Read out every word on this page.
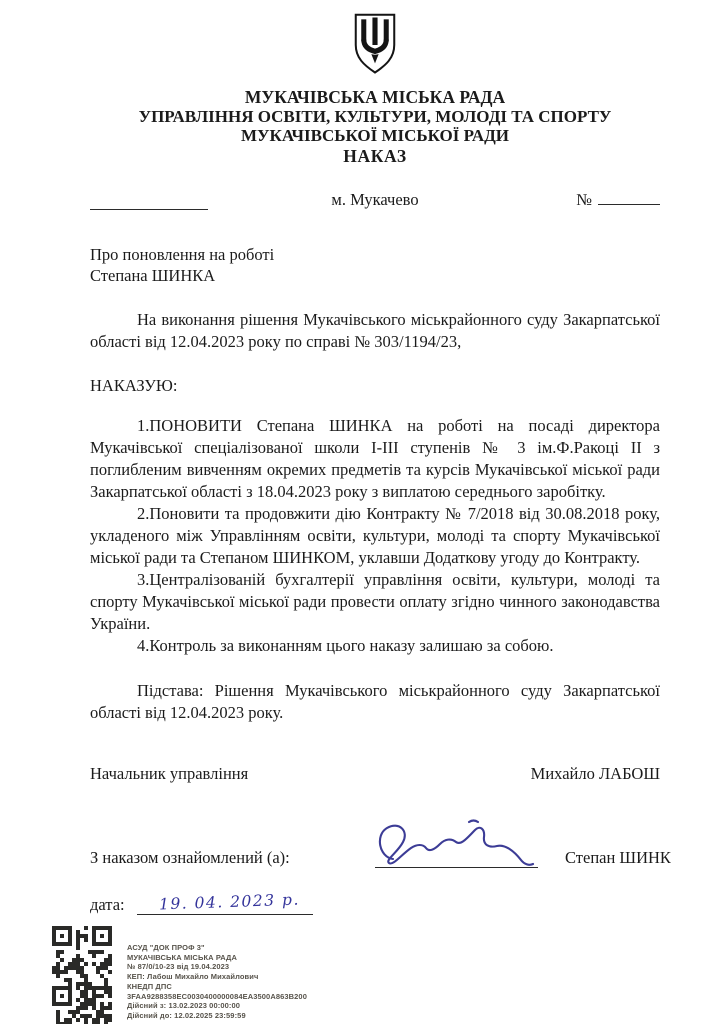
МУКАЧІВСЬКА МІСЬКА РАДА
УПРАВЛІННЯ ОСВІТИ, КУЛЬТУРИ, МОЛОДІ ТА СПОРТУ
МУКАЧІВСЬКОЇ МІСЬКОЇ РАДИ
НАКАЗ
м. Мукачево	№
Про поновлення на роботі
Степана ШИНКА

На виконання рішення Мукачівського міськрайонного суду Закарпатської області від 12.04.2023 року по справі № 303/1194/23,

НАКАЗУЮ:

1.ПОНОВИТИ Степана ШИНКА на роботі на посаді директора Мукачівської спеціалізованої школи І-ІІІ ступенів № 3 ім.Ф.Ракоці ІІ з поглибленим вивченням окремих предметів та курсів Мукачівської міської ради Закарпатської області з 18.04.2023 року з виплатою середнього заробітку.

2.Поновити та продовжити дію Контракту № 7/2018 від 30.08.2018 року, укладеного між Управлінням освіти, культури, молоді та спорту Мукачівської міської ради та Степаном ШИНКОМ, уклавши Додаткову угоду до Контракту.

3.Централізованій бухгалтерії управління освіти, культури, молоді та спорту Мукачівської міської ради провести оплату згідно чинного законодавства України.

4.Контроль за виконанням цього наказу залишаю за собою.

Підстава: Рішення Мукачівського міськрайонного суду Закарпатської області від 12.04.2023 року.

Начальник управління	Михайло ЛАБОШ
З наказом ознайомлений (а):	Степан ШИНК
дата: 19. 04. 2023 р.
АСУД "ДОК ПРОФ 3"
МУКАЧІВСЬКА МІСЬКА РАДА
№ 87/0/10-23 від 19.04.2023
КЕП: Лабош Михайло Михайлович
КНЕДП ДПС
3FAA9288358EC0030400000084EA3500A863B200
Дійсний з: 13.02.2023 00:00:00
Дійсний до: 12.02.2025 23:59:59
